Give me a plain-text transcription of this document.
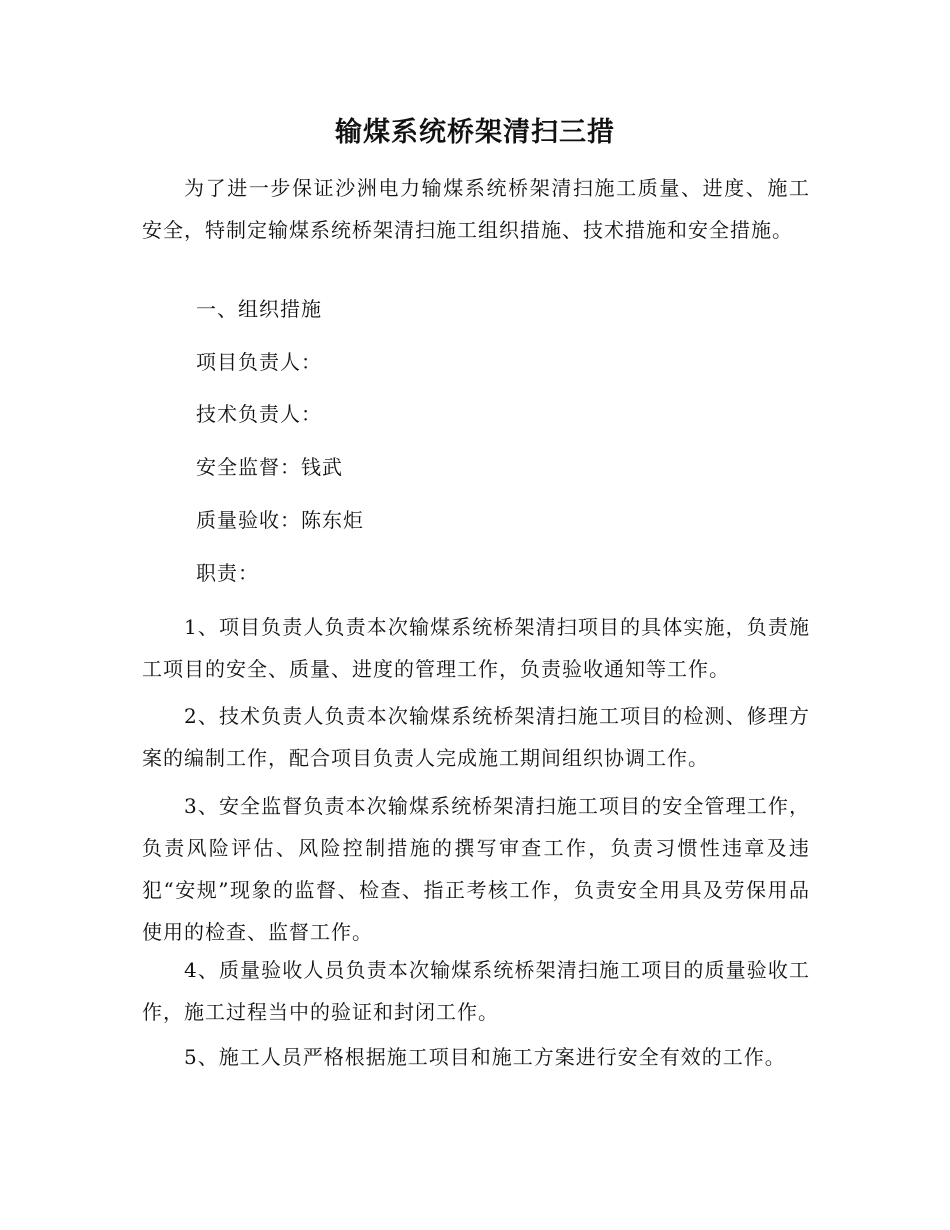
输煤系统桥架清扫三措
为了进一步保证沙洲电力输煤系统桥架清扫施工质量、进度、施工安全，特制定输煤系统桥架清扫施工组织措施、技术措施和安全措施。
一、组织措施
项目负责人：
技术负责人：
安全监督：钱武
质量验收：陈东炬
职责：
1、项目负责人负责本次输煤系统桥架清扫项目的具体实施，负责施工项目的安全、质量、进度的管理工作，负责验收通知等工作。
2、技术负责人负责本次输煤系统桥架清扫施工项目的检测、修理方案的编制工作，配合项目负责人完成施工期间组织协调工作。
3、安全监督负责本次输煤系统桥架清扫施工项目的安全管理工作，负责风险评估、风险控制措施的撰写审查工作，负责习惯性违章及违犯“安规”现象的监督、检查、指正考核工作，负责安全用具及劳保用品使用的检查、监督工作。
4、质量验收人员负责本次输煤系统桥架清扫施工项目的质量验收工作，施工过程当中的验证和封闭工作。
5、施工人员严格根据施工项目和施工方案进行安全有效的工作。
